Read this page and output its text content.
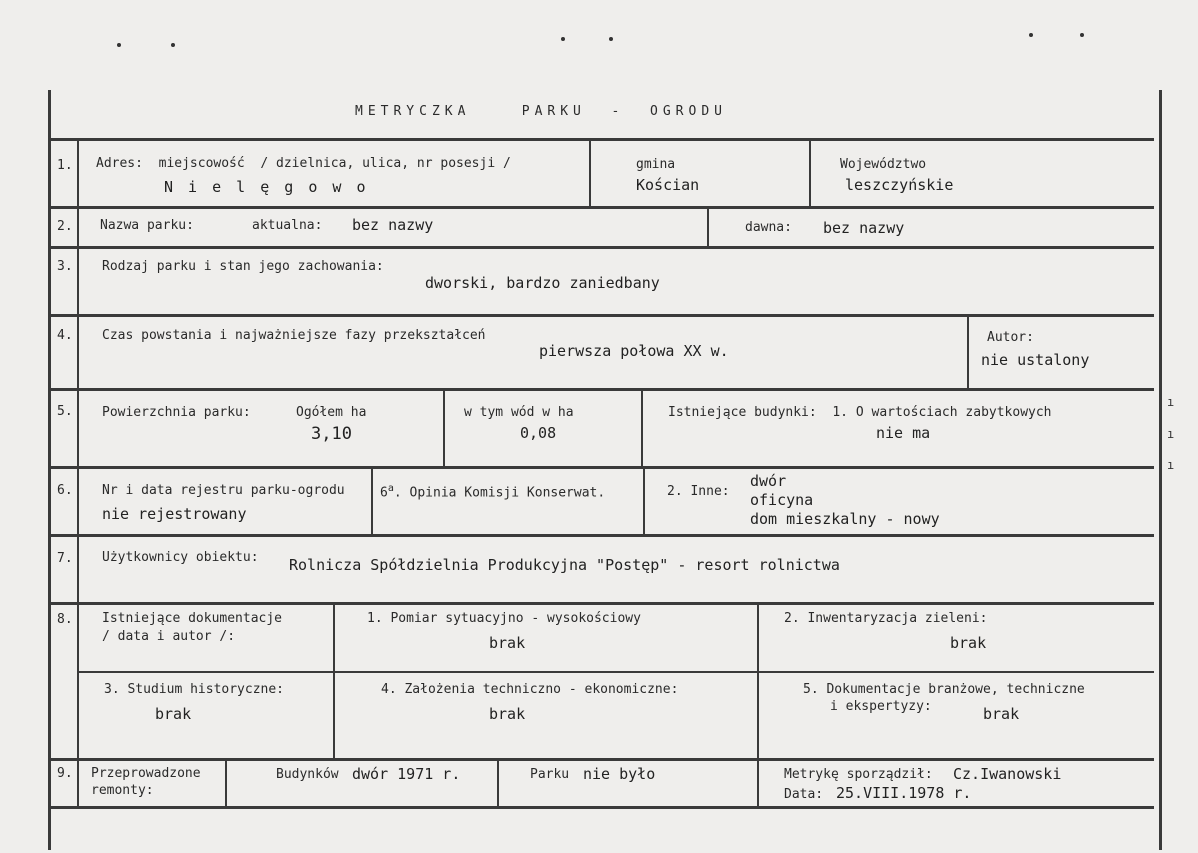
METRYCZKA    PARKU  -  OGRODU
1. Adres:  miejscowość  / dzielnica, ulica, nr posesji /
N i e l ę g o w o
gmina
Kościan
Województwo
leszczyńskie
2. Nazwa parku:	aktualna: bez nazwy	dawna: bez nazwy
3. Rodzaj parku i stan jego zachowania:
dworski, bardzo zaniedbany
4. Czas powstania i najważniejsze fazy przekształceń
pierwsza połowa XX w.
Autor:
nie ustalony
5. Powierzchnia parku:	Ogółem ha
3,10
w tym wód w ha
0,08
Istniejące budynki:  1. O wartościach zabytkowych
nie ma
6. Nr i data rejestru parku-ogrodu
nie rejestrowany
6$^a$. Opinia Komisji Konserwat.	2. Inne:
dwór
oficyna
dom mieszkalny - nowy
7. Użytkownicy obiektu: Rolnicza Spółdzielnia Produkcyjna "Postęp" - resort rolnictwa
8. Istniejące dokumentacje
/ data i autor /:
1. Pomiar sytuacyjno - wysokościowy
brak
2. Inwentaryzacja zieleni:
brak
3. Studium historyczne:
brak
4. Założenia techniczno - ekonomiczne:
brak
5. Dokumentacje branżowe, techniczne
i ekspertyzy:	brak
9. Przeprowadzone
remonty:
Budynków dwór 1971 r.	Parku nie było	Metrykę sporządził: Cz.Iwanowski
Data: 25.VIII.1978 r.
ı
ı
ı
